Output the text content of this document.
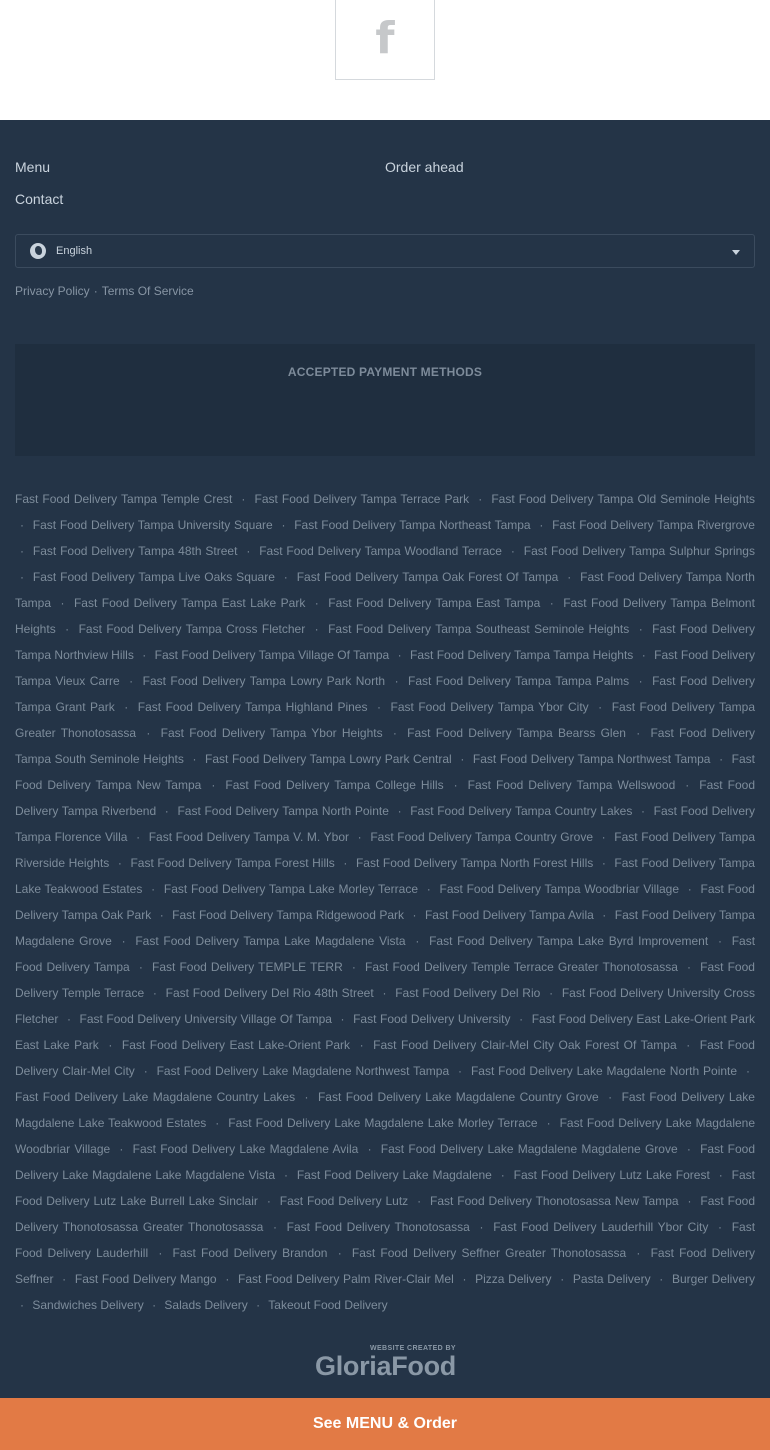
f
Menu	Order ahead
Contact
English
Privacy Policy · Terms Of Service
ACCEPTED PAYMENT METHODS
Fast Food Delivery Tampa Temple Crest · Fast Food Delivery Tampa Terrace Park · Fast Food Delivery Tampa Old Seminole Heights · Fast Food Delivery Tampa University Square · Fast Food Delivery Tampa Northeast Tampa · Fast Food Delivery Tampa Rivergrove · Fast Food Delivery Tampa 48th Street · Fast Food Delivery Tampa Woodland Terrace · Fast Food Delivery Tampa Sulphur Springs · Fast Food Delivery Tampa Live Oaks Square · Fast Food Delivery Tampa Oak Forest Of Tampa · Fast Food Delivery Tampa North Tampa · Fast Food Delivery Tampa East Lake Park · Fast Food Delivery Tampa East Tampa · Fast Food Delivery Tampa Belmont Heights · Fast Food Delivery Tampa Cross Fletcher · Fast Food Delivery Tampa Southeast Seminole Heights · Fast Food Delivery Tampa Northview Hills · Fast Food Delivery Tampa Village Of Tampa · Fast Food Delivery Tampa Tampa Heights · Fast Food Delivery Tampa Vieux Carre · Fast Food Delivery Tampa Lowry Park North · Fast Food Delivery Tampa Tampa Palms · Fast Food Delivery Tampa Grant Park · Fast Food Delivery Tampa Highland Pines · Fast Food Delivery Tampa Ybor City · Fast Food Delivery Tampa Greater Thonotosassa · Fast Food Delivery Tampa Ybor Heights · Fast Food Delivery Tampa Bearss Glen · Fast Food Delivery Tampa South Seminole Heights · Fast Food Delivery Tampa Lowry Park Central · Fast Food Delivery Tampa Northwest Tampa · Fast Food Delivery Tampa New Tampa · Fast Food Delivery Tampa College Hills · Fast Food Delivery Tampa Wellswood · Fast Food Delivery Tampa Riverbend · Fast Food Delivery Tampa North Pointe · Fast Food Delivery Tampa Country Lakes · Fast Food Delivery Tampa Florence Villa · Fast Food Delivery Tampa V. M. Ybor · Fast Food Delivery Tampa Country Grove · Fast Food Delivery Tampa Riverside Heights · Fast Food Delivery Tampa Forest Hills · Fast Food Delivery Tampa North Forest Hills · Fast Food Delivery Tampa Lake Teakwood Estates · Fast Food Delivery Tampa Lake Morley Terrace · Fast Food Delivery Tampa Woodbriar Village · Fast Food Delivery Tampa Oak Park · Fast Food Delivery Tampa Ridgewood Park · Fast Food Delivery Tampa Avila · Fast Food Delivery Tampa Magdalene Grove · Fast Food Delivery Tampa Lake Magdalene Vista · Fast Food Delivery Tampa Lake Byrd Improvement · Fast Food Delivery Tampa · Fast Food Delivery TEMPLE TERR · Fast Food Delivery Temple Terrace Greater Thonotosassa · Fast Food Delivery Temple Terrace · Fast Food Delivery Del Rio 48th Street · Fast Food Delivery Del Rio · Fast Food Delivery University Cross Fletcher · Fast Food Delivery University Village Of Tampa · Fast Food Delivery University · Fast Food Delivery East Lake-Orient Park East Lake Park · Fast Food Delivery East Lake-Orient Park · Fast Food Delivery Clair-Mel City Oak Forest Of Tampa · Fast Food Delivery Clair-Mel City · Fast Food Delivery Lake Magdalene Northwest Tampa · Fast Food Delivery Lake Magdalene North Pointe · Fast Food Delivery Lake Magdalene Country Lakes · Fast Food Delivery Lake Magdalene Country Grove · Fast Food Delivery Lake Magdalene Lake Teakwood Estates · Fast Food Delivery Lake Magdalene Lake Morley Terrace · Fast Food Delivery Lake Magdalene Woodbriar Village · Fast Food Delivery Lake Magdalene Avila · Fast Food Delivery Lake Magdalene Magdalene Grove · Fast Food Delivery Lake Magdalene Lake Magdalene Vista · Fast Food Delivery Lake Magdalene · Fast Food Delivery Lutz Lake Forest · Fast Food Delivery Lutz Lake Burrell Lake Sinclair · Fast Food Delivery Lutz · Fast Food Delivery Thonotosassa New Tampa · Fast Food Delivery Thonotosassa Greater Thonotosassa · Fast Food Delivery Thonotosassa · Fast Food Delivery Lauderhill Ybor City · Fast Food Delivery Lauderhill · Fast Food Delivery Brandon · Fast Food Delivery Seffner Greater Thonotosassa · Fast Food Delivery Seffner · Fast Food Delivery Mango · Fast Food Delivery Palm River-Clair Mel · Pizza Delivery · Pasta Delivery · Burger Delivery · Sandwiches Delivery · Salads Delivery · Takeout Food Delivery
WEBSITE CREATED BY
GloriaFood
See MENU & Order
